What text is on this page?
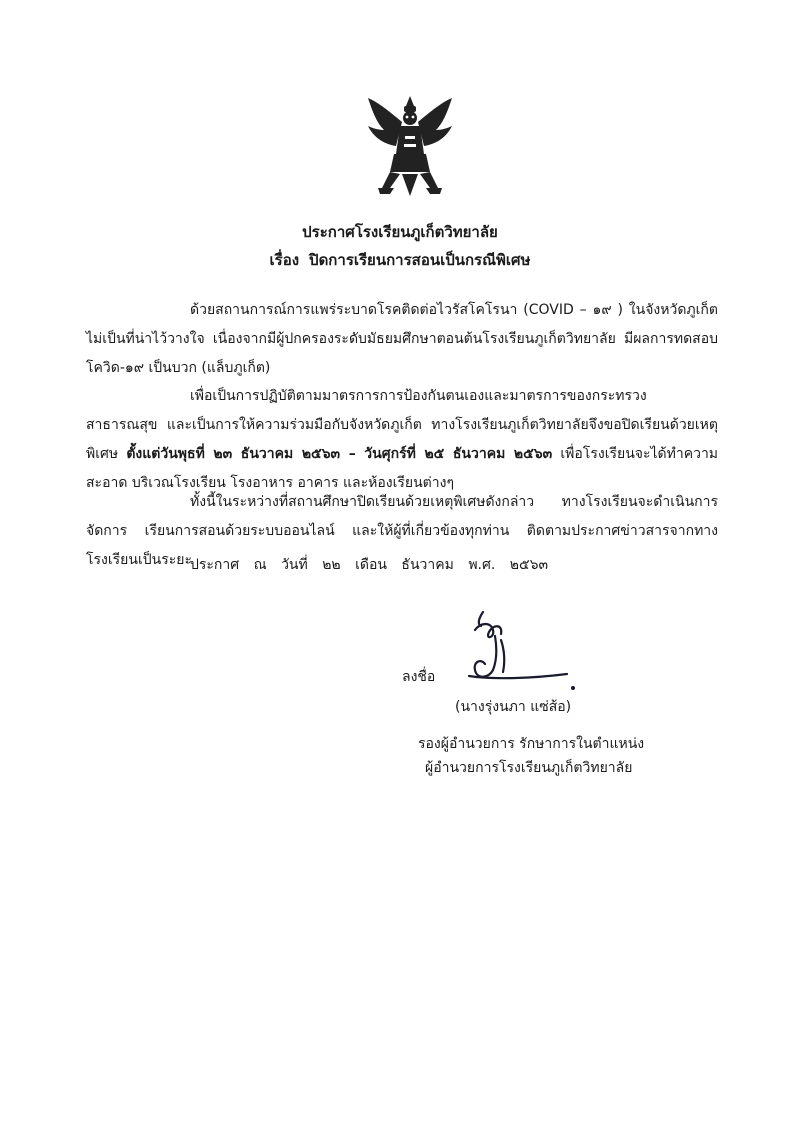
ประกาศโรงเรียนภูเก็ตวิทยาลัย
เรื่อง ปิดการเรียนการสอนเป็นกรณีพิเศษ

ด้วยสถานการณ์การแพร่ระบาดโรคติดต่อไวรัสโคโรนา (COVID – ๑๙ ) ในจังหวัดภูเก็ต ไม่เป็นที่น่าไว้วางใจ เนื่องจากมีผู้ปกครองระดับมัธยมศึกษาตอนต้นโรงเรียนภูเก็ตวิทยาลัย มีผลการทดสอบโควิด-๑๙ เป็นบวก (แล็บภูเก็ต)

เพื่อเป็นการปฏิบัติตามมาตรการการป้องกันตนเองและมาตรการของกระทรวงสาธารณสุข และเป็นการให้ความร่วมมือกับจังหวัดภูเก็ต ทางโรงเรียนภูเก็ตวิทยาลัยจึงขอปิดเรียนด้วยเหตุพิเศษ ตั้งแต่วันพุธที่ ๒๓ ธันวาคม ๒๕๖๓ – วันศุกร์ที่ ๒๕ ธันวาคม ๒๕๖๓ เพื่อโรงเรียนจะได้ทำความสะอาด บริเวณโรงเรียน โรงอาหาร อาคาร และห้องเรียนต่างๆ

ทั้งนี้ในระหว่างที่สถานศึกษาปิดเรียนด้วยเหตุพิเศษดังกล่าว ทางโรงเรียนจะดำเนินการจัดการ เรียนการสอนด้วยระบบออนไลน์ และให้ผู้ที่เกี่ยวข้องทุกท่าน ติดตามประกาศข่าวสารจากทางโรงเรียนเป็นระยะ

ประกาศ ณ วันที่ ๒๒ เดือน ธันวาคม พ.ศ. ๒๕๖๓
ลงชื่อ
(นางรุ่งนภา แซ่ส้อ)
รองผู้อำนวยการ รักษาการในตำแหน่ง
ผู้อำนวยการโรงเรียนภูเก็ตวิทยาลัย
